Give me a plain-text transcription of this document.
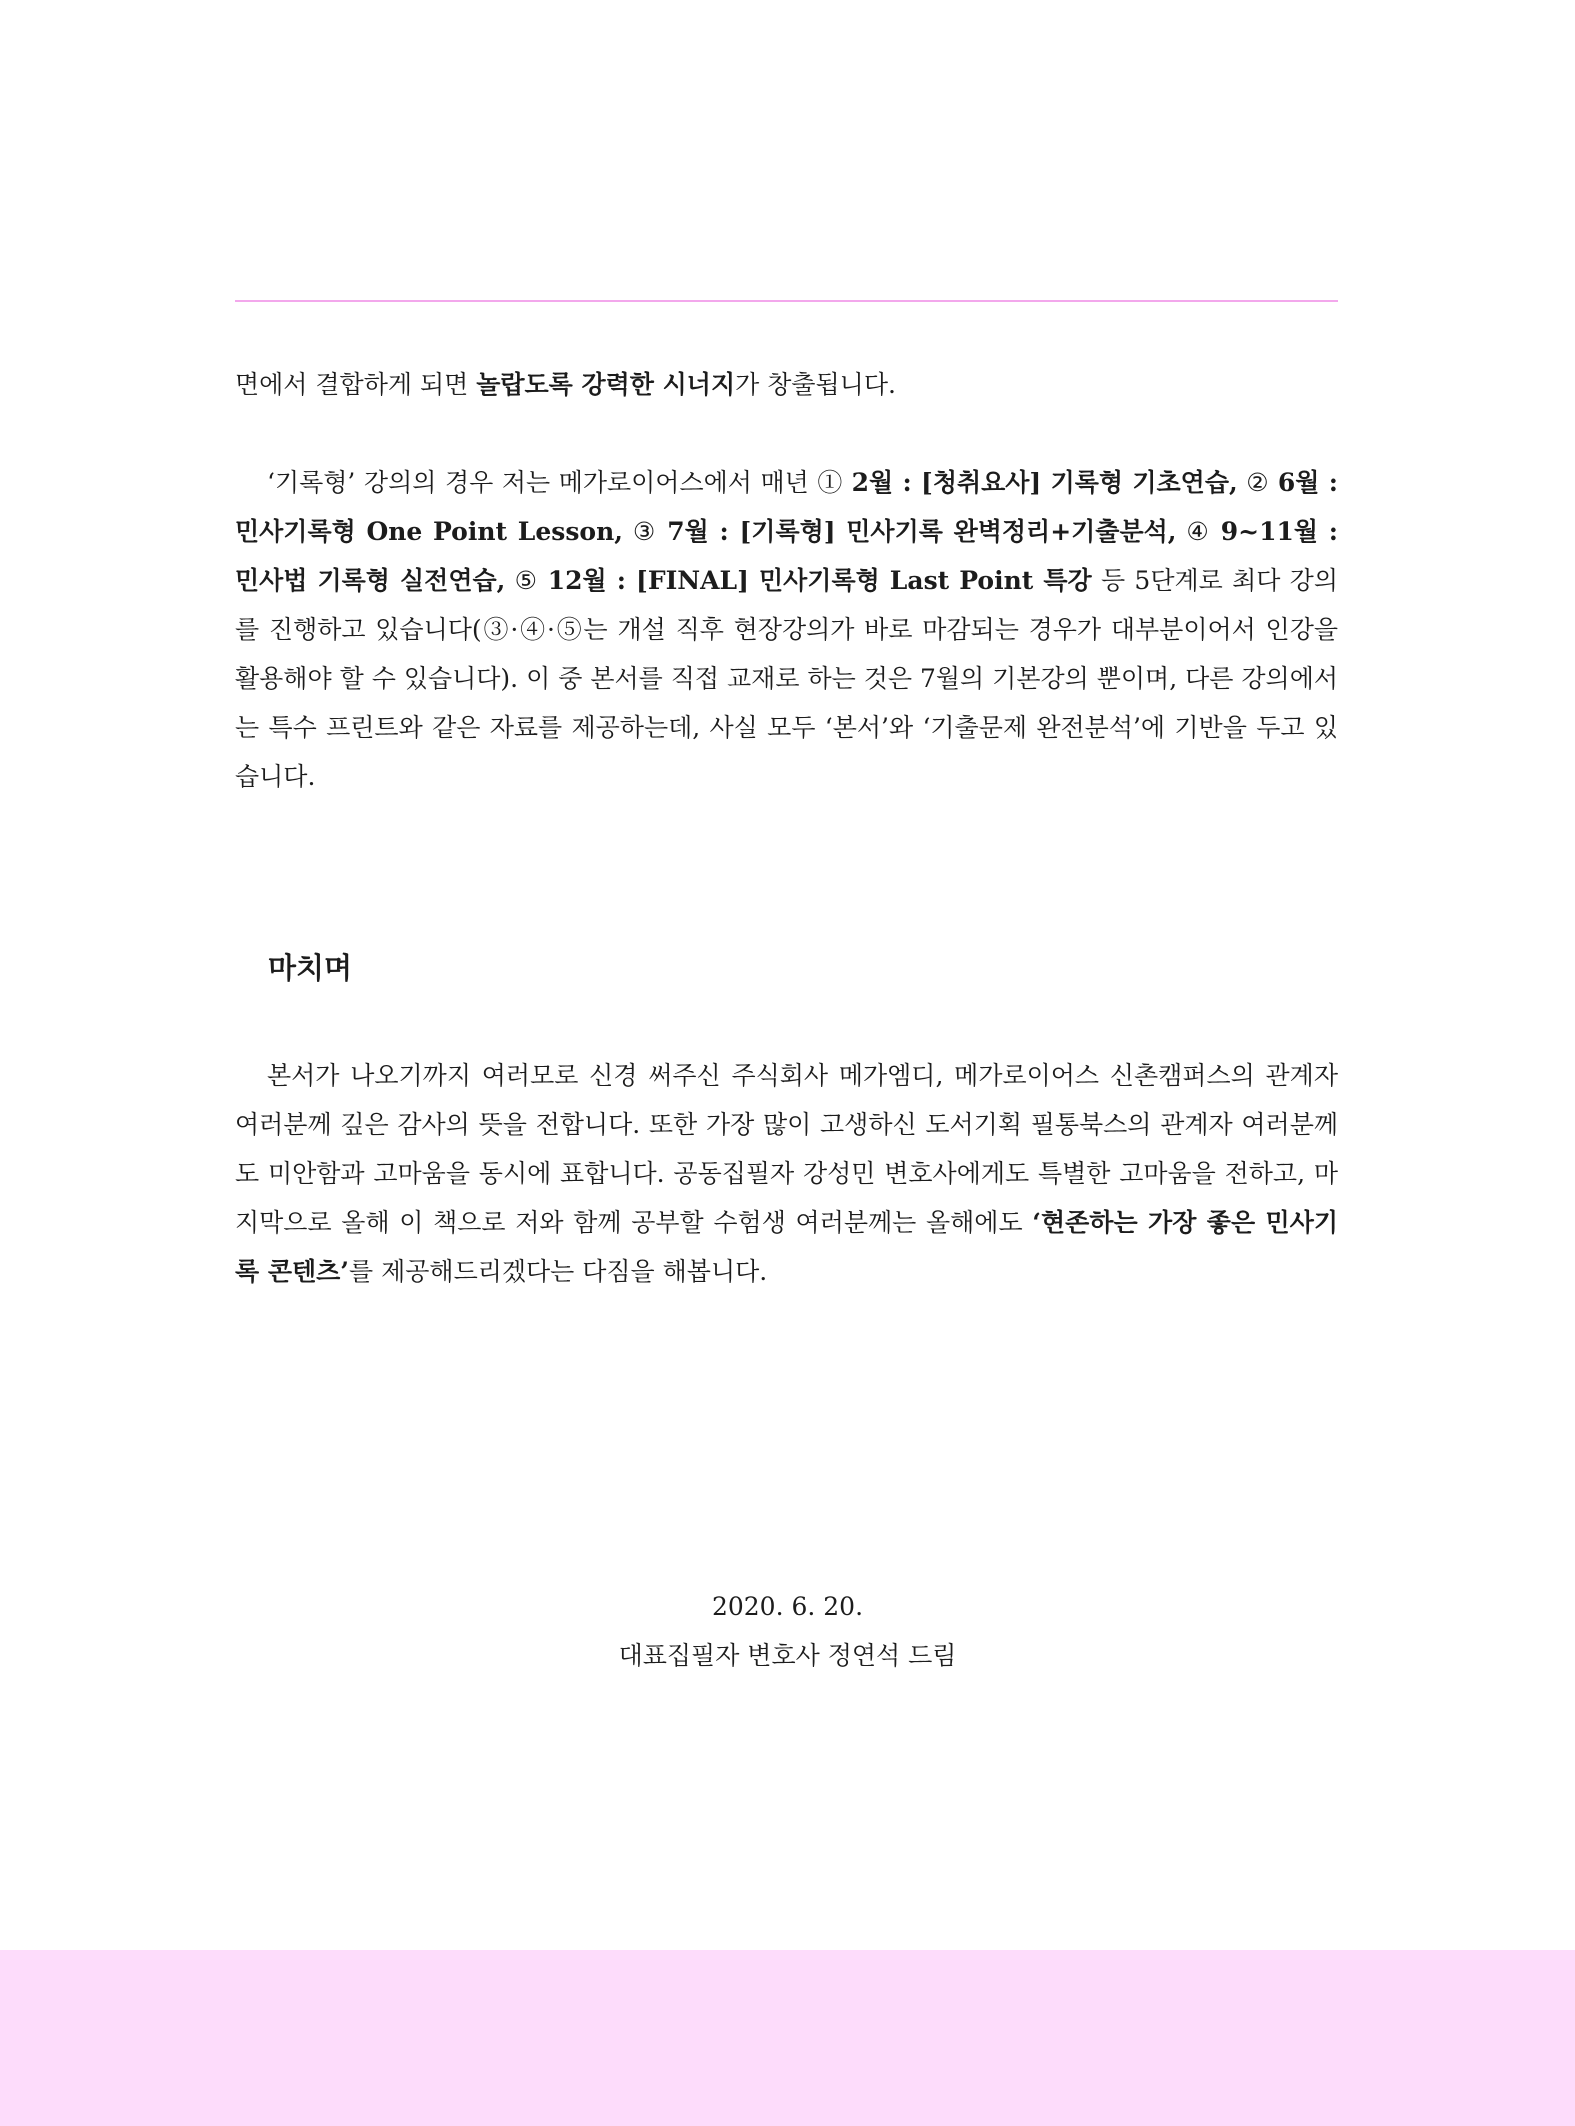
면에서 결합하게 되면 놀랍도록 강력한 시너지가 창출됩니다.

‘기록형’ 강의의 경우 저는 메가로이어스에서 매년 ① 2월 : [청취요사] 기록형 기초연습, ② 6월 : 민사기록형 One Point Lesson, ③ 7월 : [기록형] 민사기록 완벽정리+기출분석, ④ 9~11월 : 민사법 기록형 실전연습, ⑤ 12월 : [FINAL] 민사기록형 Last Point 특강 등 5단계로 최다 강의를 진행하고 있습니다(③·④·⑤는 개설 직후 현장강의가 바로 마감되는 경우가 대부분이어서 인강을 활용해야 할 수 있습니다). 이 중 본서를 직접 교재로 하는 것은 7월의 기본강의 뿐이며, 다른 강의에서는 특수 프린트와 같은 자료를 제공하는데, 사실 모두 ‘본서’와 ‘기출문제 완전분석’에 기반을 두고 있습니다.

마치며

본서가 나오기까지 여러모로 신경 써주신 주식회사 메가엠디, 메가로이어스 신촌캠퍼스의 관계자 여러분께 깊은 감사의 뜻을 전합니다. 또한 가장 많이 고생하신 도서기획 필통북스의 관계자 여러분께도 미안함과 고마움을 동시에 표합니다. 공동집필자 강성민 변호사에게도 특별한 고마움을 전하고, 마지막으로 올해 이 책으로 저와 함께 공부할 수험생 여러분께는 올해에도 ‘현존하는 가장 좋은 민사기록 콘텐츠’를 제공해드리겠다는 다짐을 해봅니다.

2020. 6. 20.
대표집필자 변호사 정연석 드림
